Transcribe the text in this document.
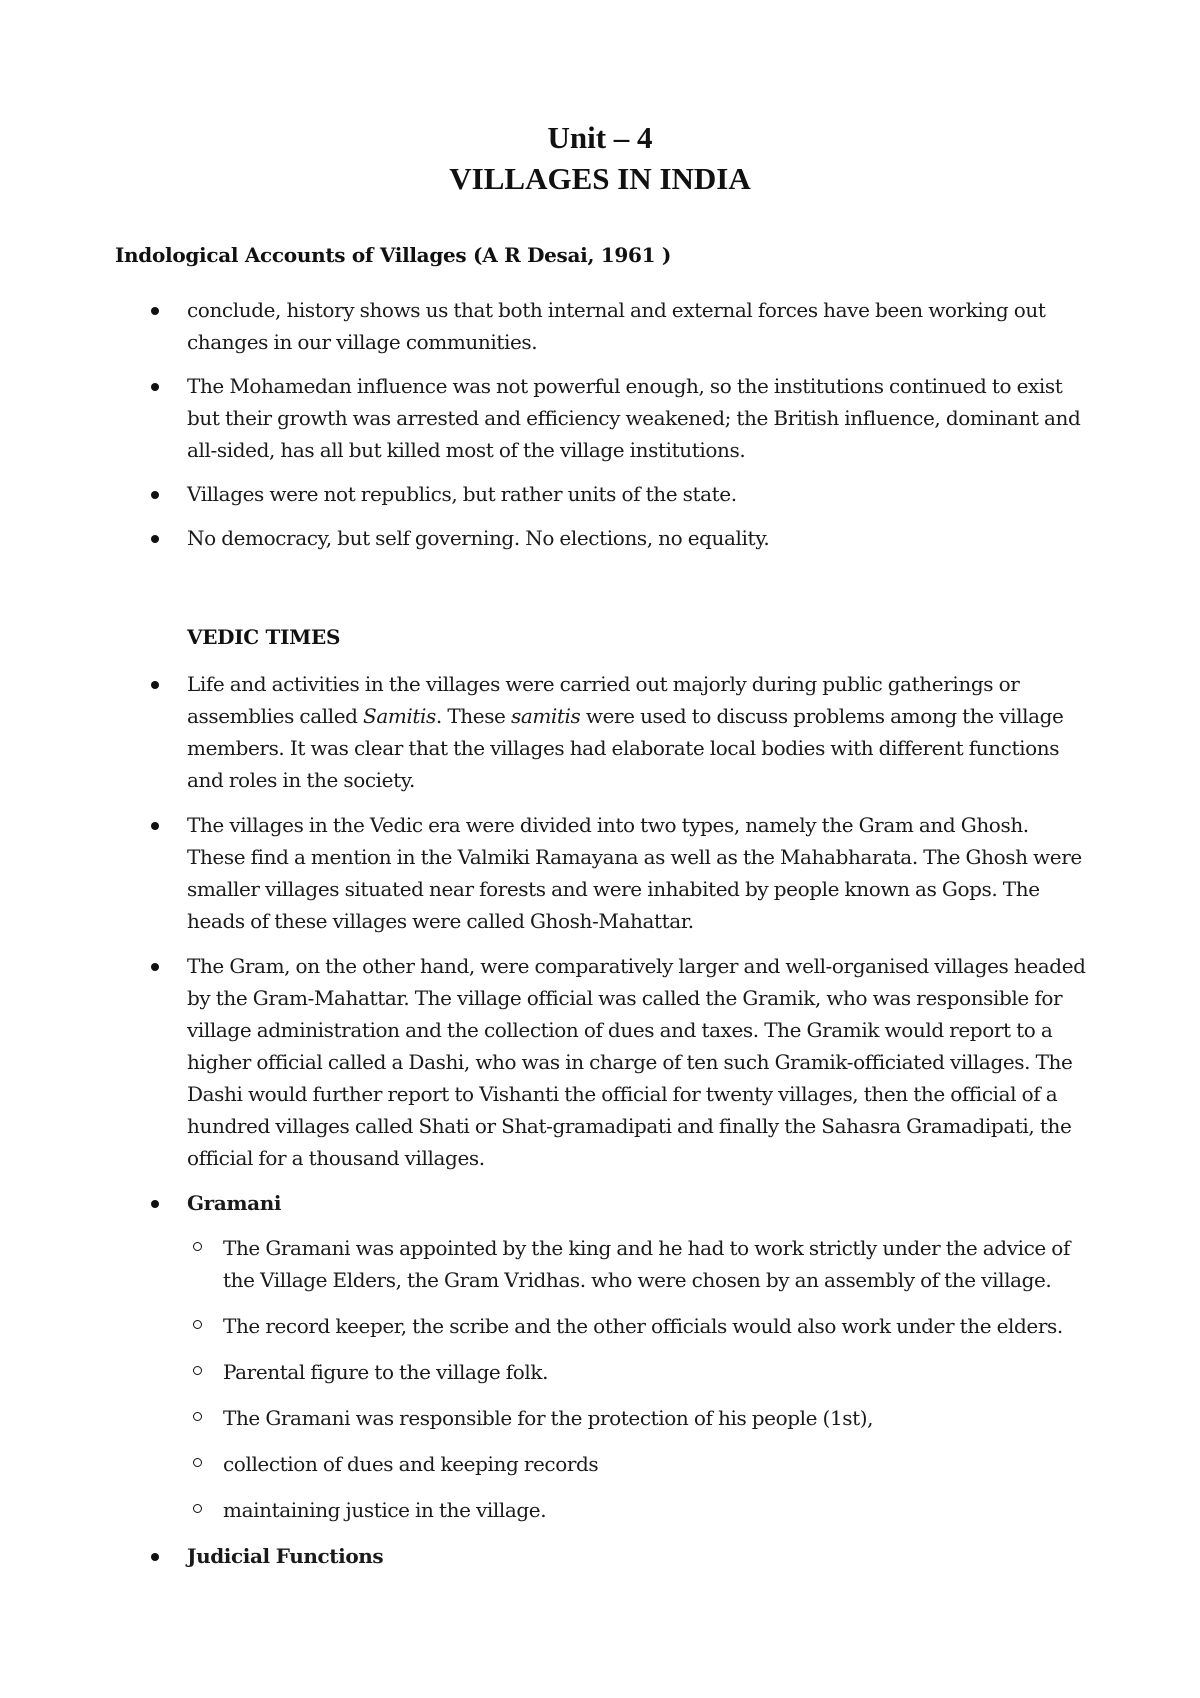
Unit – 4
VILLAGES IN INDIA
Indological Accounts of Villages (A R Desai, 1961 )
conclude, history shows us that both internal and external forces have been working out changes in our village communities.
The Mohamedan influence was not powerful enough, so the institutions continued to exist but their growth was arrested and efficiency weakened; the British influence, dominant and all-sided, has all but killed most of the village institutions.
Villages were not republics, but rather units of the state.
No democracy, but self governing. No elections, no equality.
VEDIC TIMES
Life and activities in the villages were carried out majorly during public gatherings or assemblies called Samitis. These samitis were used to discuss problems among the village members. It was clear that the villages had elaborate local bodies with different functions and roles in the society.
The villages in the Vedic era were divided into two types, namely the Gram and Ghosh. These find a mention in the Valmiki Ramayana as well as the Mahabharata. The Ghosh were smaller villages situated near forests and were inhabited by people known as Gops. The heads of these villages were called Ghosh-Mahattar.
The Gram, on the other hand, were comparatively larger and well-organised villages headed by the Gram-Mahattar. The village official was called the Gramik, who was responsible for village administration and the collection of dues and taxes. The Gramik would report to a higher official called a Dashi, who was in charge of ten such Gramik-officiated villages. The Dashi would further report to Vishanti the official for twenty villages, then the official of a hundred villages called Shati or Shat-gramadipati and finally the Sahasra Gramadipati, the official for a thousand villages.
Gramani
The Gramani was appointed by the king and he had to work strictly under the advice of the Village Elders, the Gram Vridhas. who were chosen by an assembly of the village.
The record keeper, the scribe and the other officials would also work under the elders.
Parental figure to the village folk.
The Gramani was responsible for the protection of his people (1st),
collection of dues and keeping records
maintaining justice in the village.
Judicial Functions
